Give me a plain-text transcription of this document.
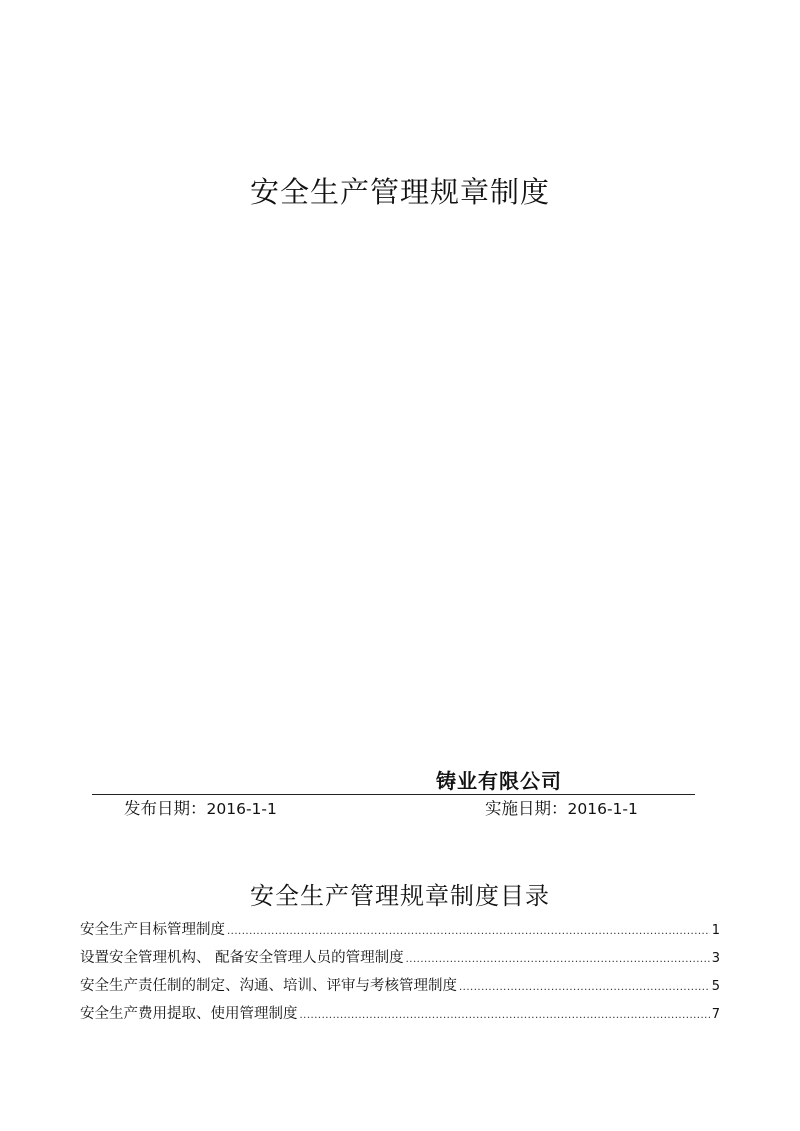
安全生产管理规章制度
铸业有限公司
发布日期：2016-1-1	实施日期：2016-1-1
安全生产管理规章制度目录
安全生产目标管理制度 .....	1
设置安全管理机构、 配备安全管理人员的管理制度 .....	3
安全生产责任制的制定、沟通、培训、评审与考核管理制度 .....	5
安全生产费用提取、使用管理制度 .....	7
